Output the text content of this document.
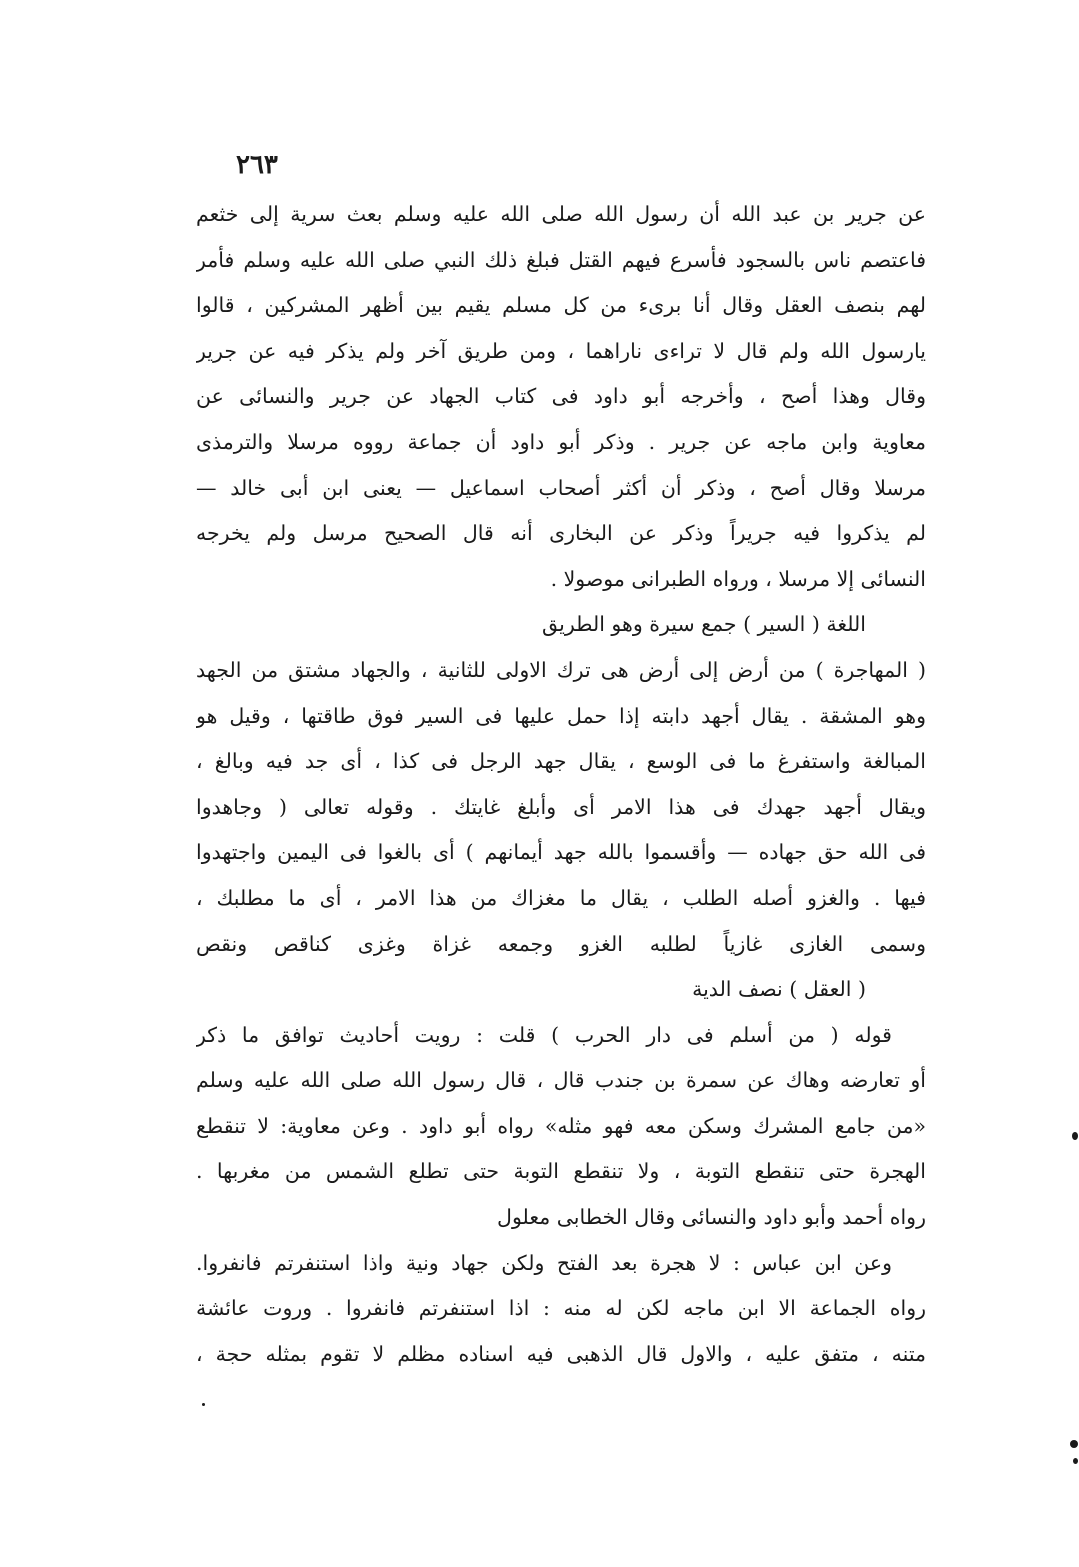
٢٦٣
عن جرير بن عبد الله أن رسول الله صلى الله عليه وسلم بعث سرية إلى خثعم
فاعتصم ناس بالسجود فأسرع فيهم القتل فبلغ ذلك النبي صلى الله عليه وسلم فأمر
لهم بنصف العقل وقال أنا برىء من كل مسلم يقيم بين أظهر المشركين ، قالوا
يارسول الله ولم قال لا تراءى ناراهما ، ومن طريق آخر ولم يذكر فيه عن جرير
وقال وهذا أصح ، وأخرجه أبو داود فى كتاب الجهاد عن جرير والنسائى عن
معاوية وابن ماجه عن جرير . وذكر أبو داود أن جماعة رووه مرسلا والترمذى
مرسلا وقال أصح ، وذكر أن أكثر أصحاب اسماعيل — يعنى ابن أبى خالد —
لم يذكروا فيه جريراً وذكر عن البخارى أنه قال الصحيح مرسل ولم يخرجه
النسائى إلا مرسلا ، ورواه الطبرانى موصولا .
اللغة ( السير ) جمع سيرة وهو الطريق
( المهاجرة ) من أرض إلى أرض هى ترك الاولى للثانية ، والجهاد مشتق من الجهد
وهو المشقة . يقال أجهد دابته إذا حمل عليها فى السير فوق طاقتها ، وقيل هو
المبالغة واستفرغ ما فى الوسع ، يقال جهد الرجل فى كذا ، أى جد فيه وبالغ ،
ويقال أجهد جهدك فى هذا الامر أى وأبلغ غايتك . وقوله تعالى ( وجاهدوا
فى الله حق جهاده — وأقسموا بالله جهد أيمانهم ) أى بالغوا فى اليمين واجتهدوا
فيها . والغزو أصله الطلب ، يقال ما مغزاك من هذا الامر ، أى ما مطلبك ،
وسمى الغازى غازياً لطلبه الغزو وجمعه غزاة وغزى كناقص ونقص
( العقل ) نصف الدية
قوله ( من أسلم فى دار الحرب ) قلت : رويت أحاديث توافق ما ذكر
أو تعارضه وهاك عن سمرة بن جندب قال ، قال رسول الله صلى الله عليه وسلم
«من جامع المشرك وسكن معه فهو مثله» رواه أبو داود . وعن معاوية: لا تنقطع
الهجرة حتى تنقطع التوبة ، ولا تنقطع التوبة حتى تطلع الشمس من مغربها .
رواه أحمد وأبو داود والنسائى وقال الخطابى معلول
وعن ابن عباس : لا هجرة بعد الفتح ولكن جهاد ونية واذا استنفرتم فانفروا.
رواه الجماعة الا ابن ماجه لكن له منه : اذا استنفرتم فانفروا . وروت عائشة
متنه ، متفق عليه ، والاول قال الذهبى فيه اسناده مظلم لا تقوم بمثله حجة ،
